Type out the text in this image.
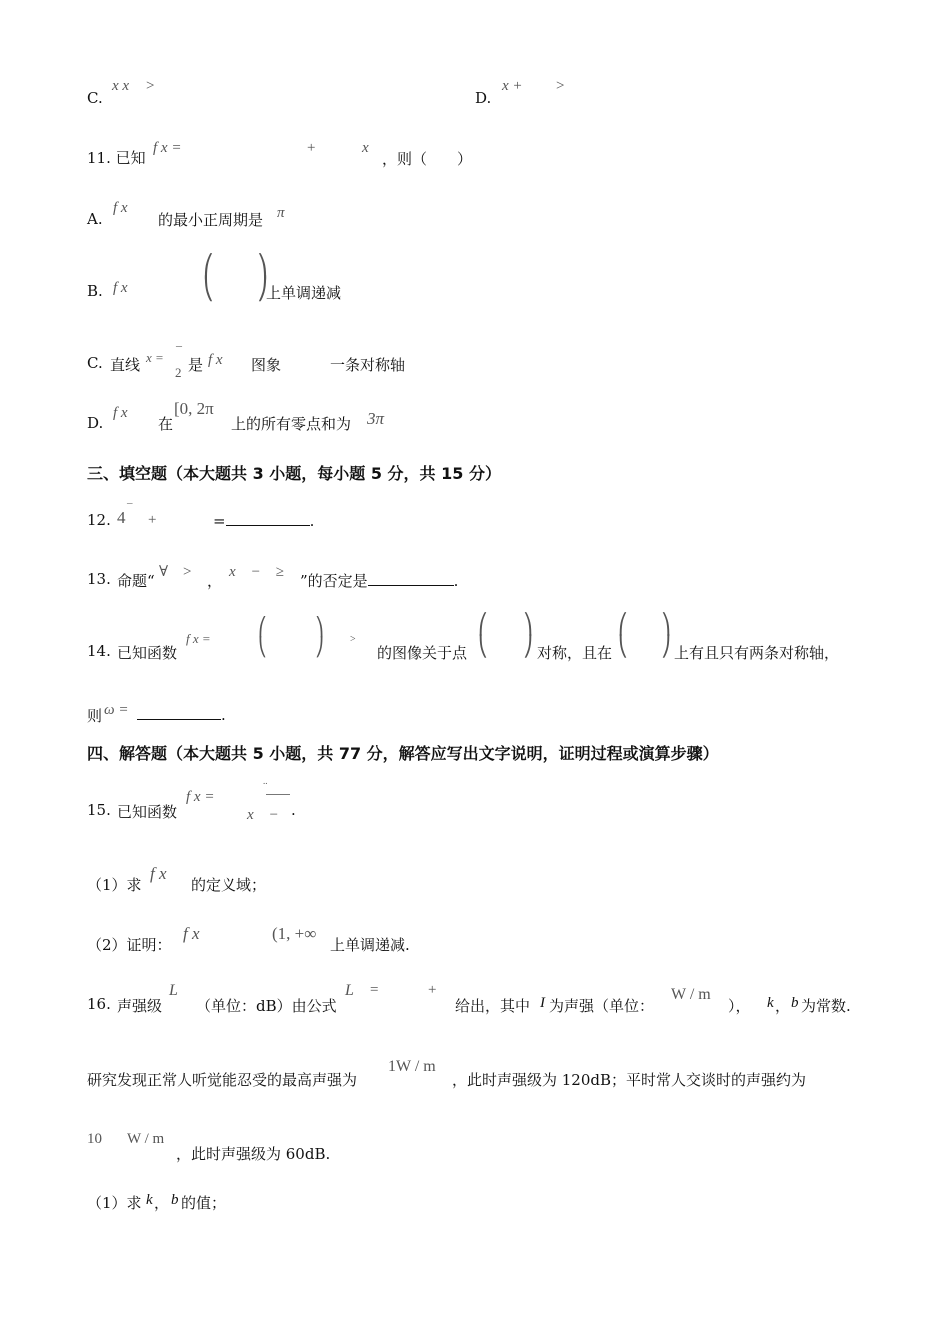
C.
x x >
D.
x + >
11. 已知
f x =	+	x
，则（　　）
A.
f x
的最小正周期是 π
B. f x
⎛

⎝
⎞
⎠
上单调递减
C. 直线 x =
–
2 是 f x 图象	一条对称轴
D.
f x
在
[0, 2π
上的所有零点和为 3π
三、填空题（本大题共 3 小题，每小题 5 分，共 15 分）
12. 4
–
+	=	.
13. 命题“ ∀　> ， x　−　≥ ”的否定是	.
14. 已知函数
f x =
⎛
⎝
⎞
⎠	>
的图像关于点
⎛
⎝
⎞
⎠ 对称，且在
⎛
⎝
⎞
⎠ 上有且只有两条对称轴，
则 ω =	.
四、解答题（本大题共 5 小题，共 77 分，解答应写出文字说明，证明过程或演算步骤）
15. 已知函数
f x =
..
x　− .
（1）求
f x
的定义域；
（2）证明：
f x	(1, +∞
上单调递减.
16. 声强级
L
（单位：dB）由公式
L =	+
给出，其中 I 为声强（单位：
W / m
）， k ， b 为常数.
研究发现正常人听觉能忍受的最高声强为
1W / m
，此时声强级为 120dB；平时常人交谈时的声强约为
10 W / m
，此时声强级为 60dB.
（1）求 k ， b 的值；
